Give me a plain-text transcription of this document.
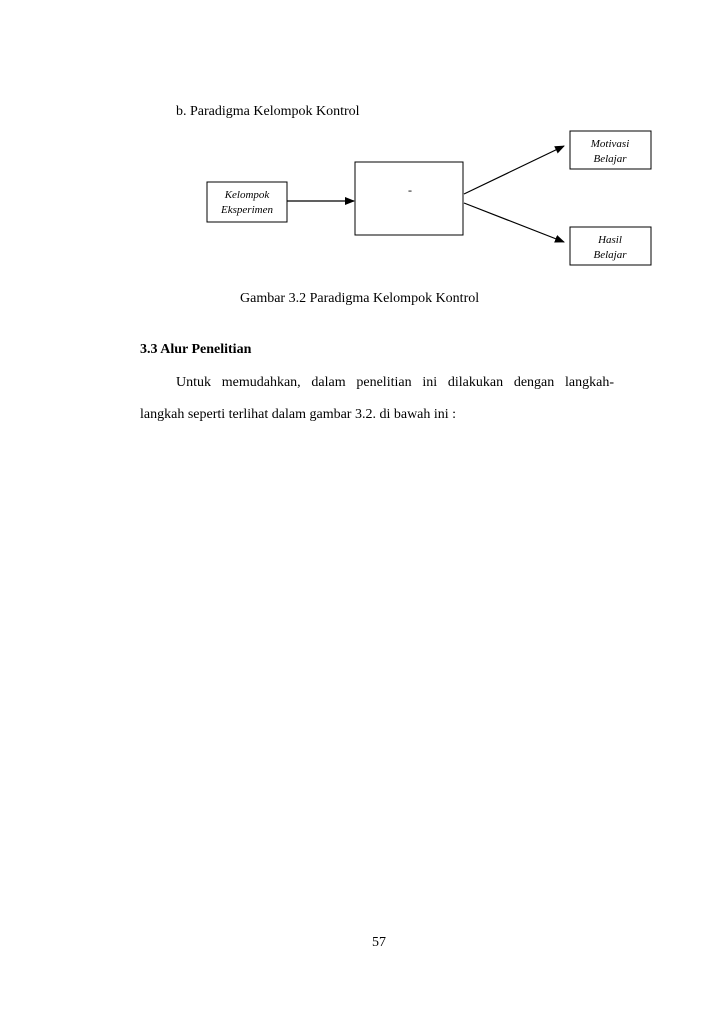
b. Paradigma Kelompok Kontrol
Kelompok
Eksperimen
-
Motivasi
Belajar
Hasil
Belajar
Gambar 3.2 Paradigma Kelompok Kontrol
3.3 Alur Penelitian
Untuk memudahkan, dalam penelitian ini dilakukan dengan langkah-
langkah seperti terlihat dalam gambar 3.2. di bawah ini :
57
